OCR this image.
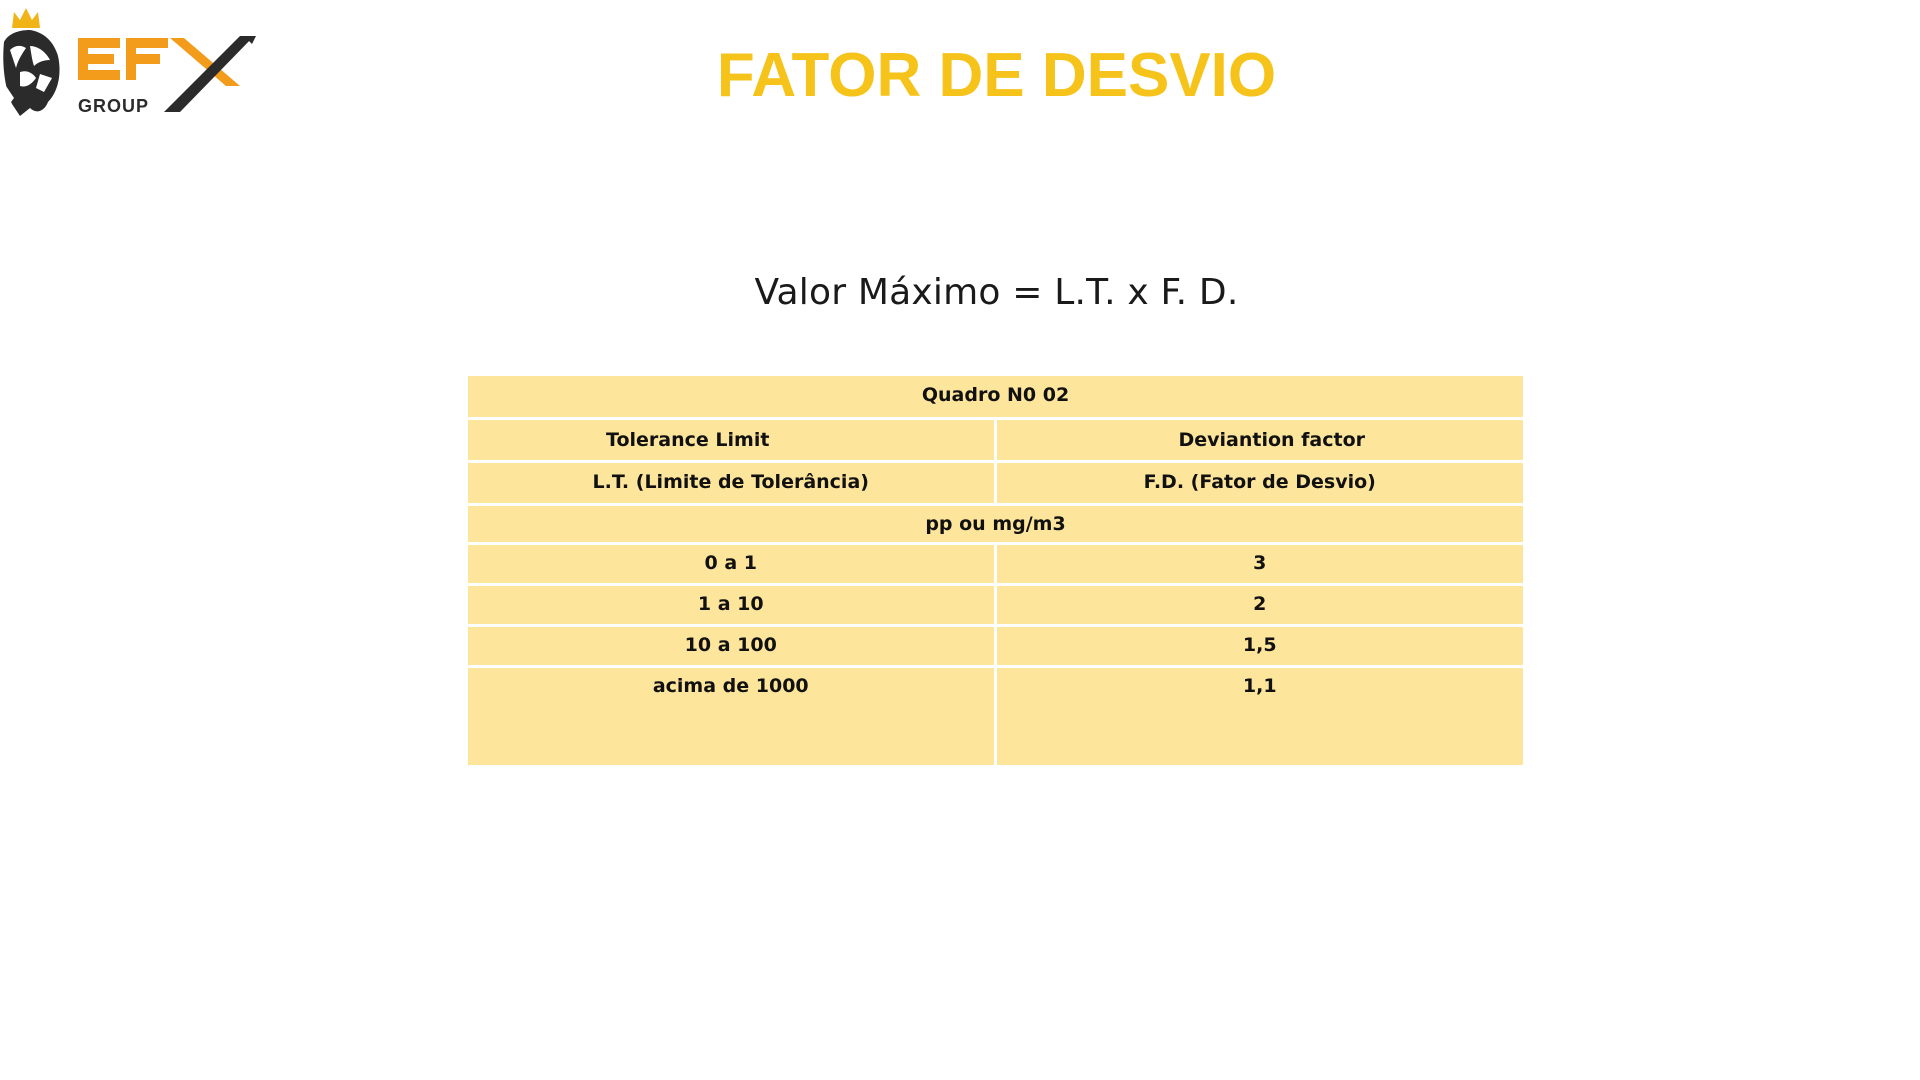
GROUP	FATOR DE DESVIO
Valor Máximo = L.T. x F. D.
Quadro N0 02	
Tolerance Limit	Deviantion factor
L.T. (Limite de Tolerância)	F.D. (Fator de Desvio)
pp ou mg/m3	
0 a 1	3
1 a 10	2
10 a 100	1,5
acima de 1000	1,1
